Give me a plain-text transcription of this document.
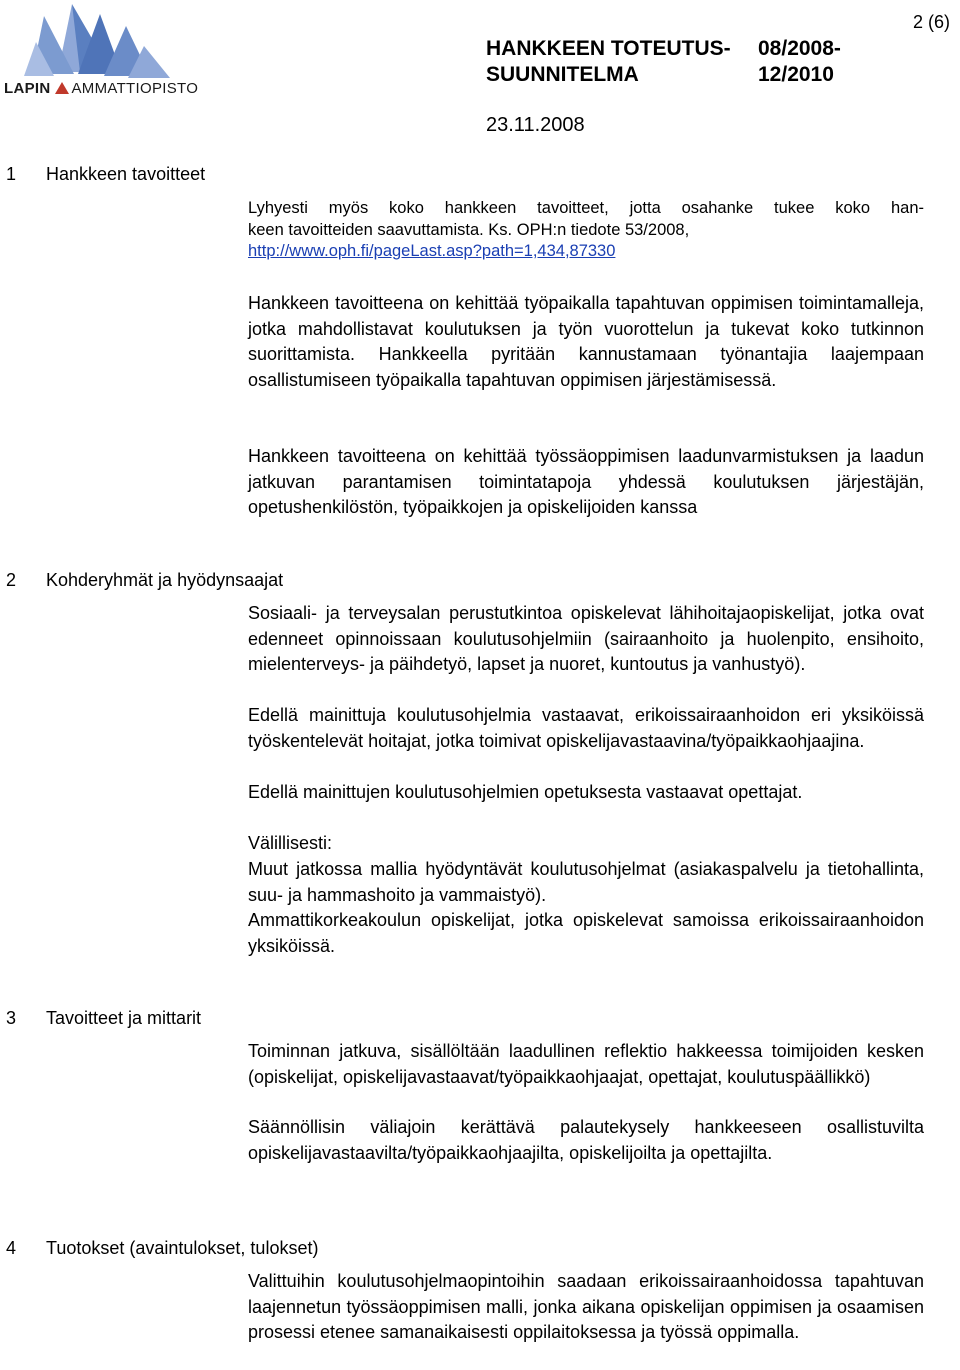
LAPIN AMMATTIOPISTO
HANKKEEN TOTEUTUS-
SUUNNITELMA
08/2008-
12/2010
23.11.2008
2 (6)
1 Hankkeen tavoitteet
Lyhyesti myös koko hankkeen tavoitteet, jotta osahanke tukee koko han-
keen tavoitteiden saavuttamista. Ks. OPH:n tiedote 53/2008,
http://www.oph.fi/pageLast.asp?path=1,434,87330

Hankkeen tavoitteena on kehittää työpaikalla tapahtuvan oppimisen toimintamalleja, jotka mahdollistavat koulutuksen ja työn vuorottelun ja tukevat koko tutkinnon suorittamista. Hankkeella pyritään kannustamaan työnantajia laajempaan osallistumiseen työpaikalla tapahtuvan oppimisen järjestämisessä.

Hankkeen tavoitteena on kehittää työssäoppimisen laadunvarmistuksen ja laadun jatkuvan parantamisen toimintatapoja yhdessä koulutuksen järjestäjän, opetushenkilöstön, työpaikkojen ja opiskelijoiden kanssa

2 Kohderyhmät ja hyödynsaajat

Sosiaali- ja terveysalan perustutkintoa opiskelevat lähihoitajaopiskelijat, jotka ovat edenneet opinnoissaan koulutusohjelmiin (sairaanhoito ja huolenpito, ensihoito, mielenterveys- ja päihdetyö, lapset ja nuoret, kuntoutus ja vanhustyö).

Edellä mainittuja koulutusohjelmia vastaavat, erikoissairaanhoidon eri yksiköissä työskentelevät hoitajat, jotka toimivat opiskelijavastaavina/työpaikkaohjaajina.

Edellä mainittujen koulutusohjelmien opetuksesta vastaavat opettajat.

Välillisesti:

Muut jatkossa mallia hyödyntävät koulutusohjelmat (asiakaspalvelu ja tietohallinta, suu- ja hammashoito ja vammaistyö).

Ammattikorkeakoulun opiskelijat, jotka opiskelevat samoissa erikoissairaanhoidon yksiköissä.

3 Tavoitteet ja mittarit

Toiminnan jatkuva, sisällöltään laadullinen reflektio hakkeessa toimijoiden kesken (opiskelijat, opiskelijavastaavat/työpaikkaohjaajat, opettajat, koulutuspäällikkö)

Säännöllisin väliajoin kerättävä palautekysely hankkeeseen osallistuvilta opiskelijavastaavilta/työpaikkaohjaajilta, opiskelijoilta ja opettajilta.

4 Tuotokset (avaintulokset, tulokset)

Valittuihin koulutusohjelmaopintoihin saadaan erikoissairaanhoidossa tapahtuvan laajennetun työssäoppimisen malli, jonka aikana opiskelijan oppimisen ja osaamisen prosessi etenee samanaikaisesti oppilaitoksessa ja työssä oppimalla.
